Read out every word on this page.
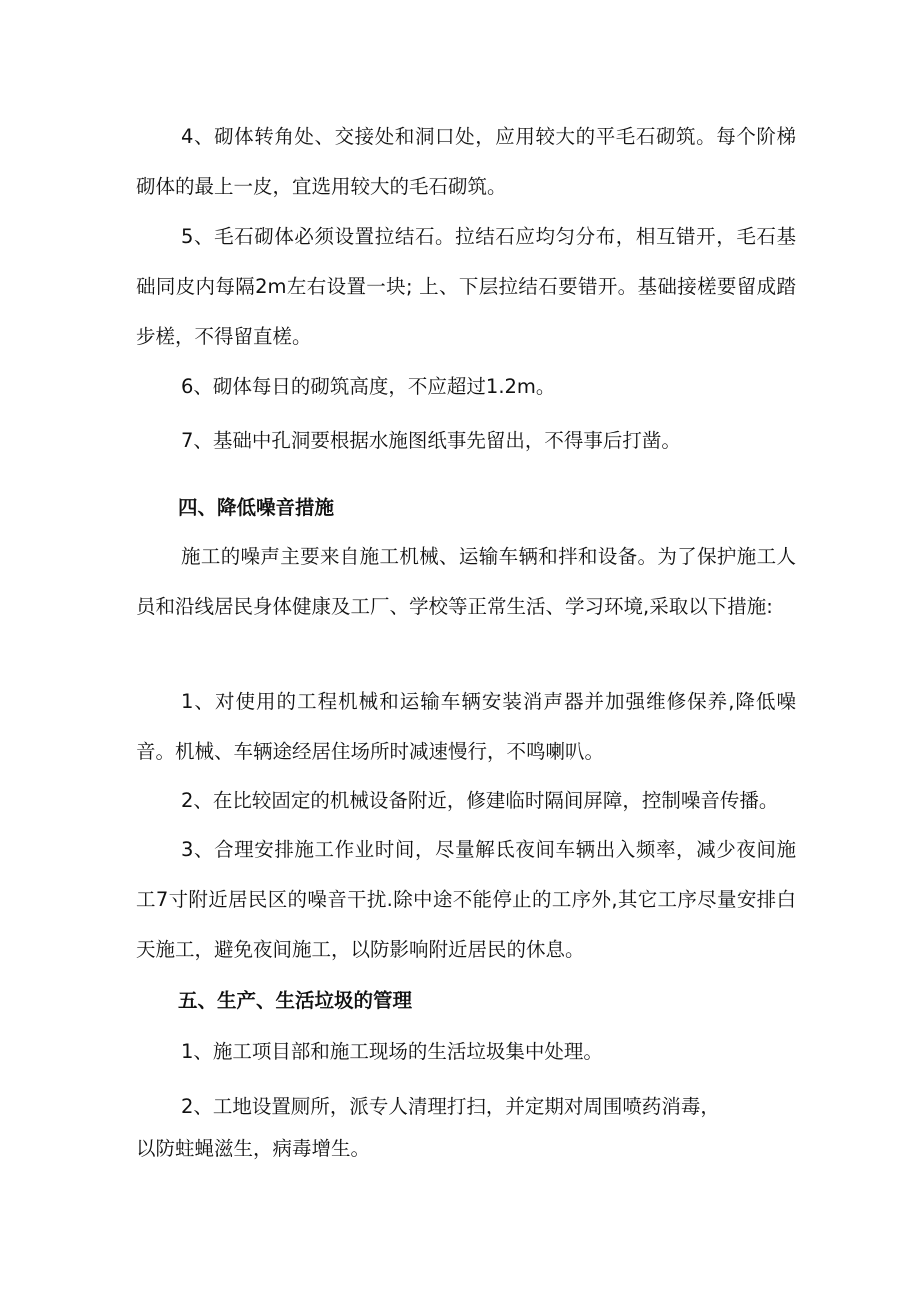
4、砌体转角处、交接处和洞口处，应用较大的平毛石砌筑。每个阶梯砌体的最上一皮，宜选用较大的毛石砌筑。

5、毛石砌体必须设置拉结石。拉结石应均匀分布，相互错开，毛石基础同皮内每隔2m左右设置一块; 上、下层拉结石要错开。基础接槎要留成踏步槎，不得留直槎。

6、砌体每日的砌筑高度，不应超过1.2m。

7、基础中孔洞要根据水施图纸事先留出，不得事后打凿。

四、降低噪音措施

施工的噪声主要来自施工机械、运输车辆和拌和设备。为了保护施工人员和沿线居民身体健康及工厂、学校等正常生活、学习环境,采取以下措施:

1、对使用的工程机械和运输车辆安装消声器并加强维修保养,降低噪音。机械、车辆途经居住场所时减速慢行，不鸣喇叭。

2、在比较固定的机械设备附近，修建临时隔间屏障，控制噪音传播。

3、合理安排施工作业时间，尽量解氐夜间车辆出入频率，减少夜间施工7寸附近居民区的噪音干扰.除中途不能停止的工序外,其它工序尽量安排白天施工，避免夜间施工，以防影响附近居民的休息。

五、生产、生活垃圾的管理

1、施工项目部和施工现场的生活垃圾集中处理。

2、工地设置厕所，派专人清理打扫，并定期对周围喷药消毒，

以防蛀蝇滋生，病毒增生。
